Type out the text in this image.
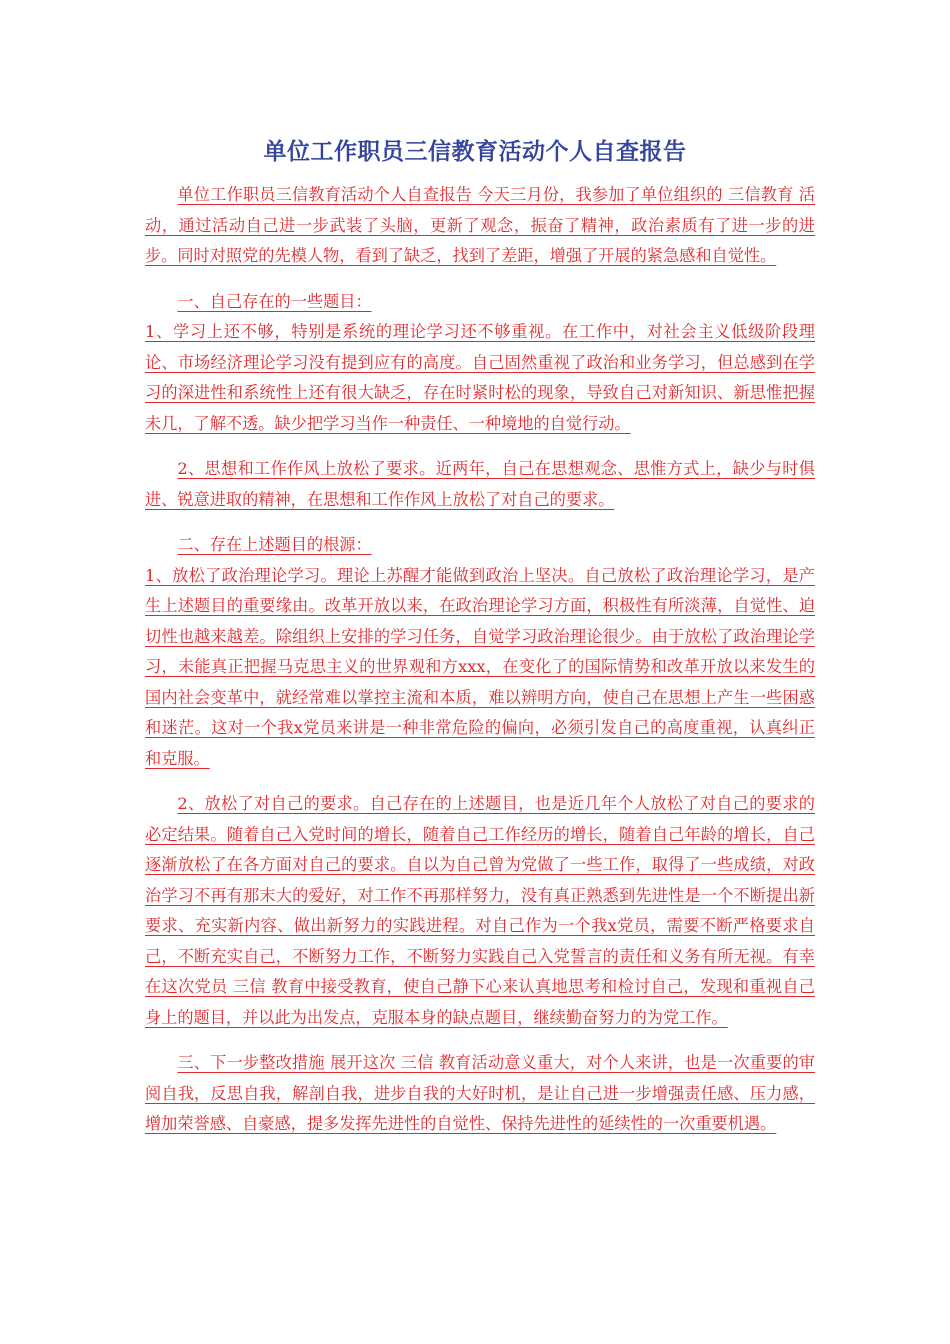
单位工作职员三信教育活动个人自查报告

单位工作职员三信教育活动个人自查报告 今天三月份，我参加了单位组织的 三信教育 活动，通过活动自己进一步武装了头脑，更新了观念，振奋了精神，政治素质有了进一步的进步。同时对照党的先模人物，看到了缺乏，找到了差距，增强了开展的紧急感和自觉性。

一、自己存在的一些题目：

1、学习上还不够，特别是系统的理论学习还不够重视。在工作中，对社会主义低级阶段理论、市场经济理论学习没有提到应有的高度。自己固然重视了政治和业务学习，但总感到在学习的深进性和系统性上还有很大缺乏，存在时紧时松的现象，导致自己对新知识、新思惟把握未几，了解不透。缺少把学习当作一种责任、一种境地的自觉行动。

2、思想和工作作风上放松了要求。近两年，自己在思想观念、思惟方式上，缺少与时俱进、锐意进取的精神，在思想和工作作风上放松了对自己的要求。

二、存在上述题目的根源：

1、放松了政治理论学习。理论上苏醒才能做到政治上坚决。自己放松了政治理论学习，是产生上述题目的重要缘由。改革开放以来，在政治理论学习方面，积极性有所淡薄，自觉性、迫切性也越来越差。除组织上安排的学习任务，自觉学习政治理论很少。由于放松了政治理论学习，未能真正把握马克思主义的世界观和方xxx，在变化了的国际情势和改革开放以来发生的国内社会变革中，就经常难以掌控主流和本质，难以辨明方向，使自己在思想上产生一些困惑和迷茫。这对一个我x党员来讲是一种非常危险的偏向，必须引发自己的高度重视，认真纠正和克服。

2、放松了对自己的要求。自己存在的上述题目，也是近几年个人放松了对自己的要求的必定结果。随着自己入党时间的增长，随着自己工作经历的增长，随着自己年龄的增长，自己逐渐放松了在各方面对自己的要求。自以为自己曾为党做了一些工作，取得了一些成绩，对政治学习不再有那末大的爱好，对工作不再那样努力，没有真正熟悉到先进性是一个不断提出新要求、充实新内容、做出新努力的实践进程。对自己作为一个我x党员，需要不断严格要求自己，不断充实自己，不断努力工作，不断努力实践自己入党誓言的责任和义务有所无视。有幸在这次党员 三信 教育中接受教育，使自己静下心来认真地思考和检讨自己，发现和重视自己身上的题目，并以此为出发点，克服本身的缺点题目，继续勤奋努力的为党工作。

三、下一步整改措施 展开这次 三信 教育活动意义重大，对个人来讲，也是一次重要的审阅自我，反思自我，解剖自我，进步自我的大好时机，是让自己进一步增强责任感、压力感，增加荣誉感、自豪感，提多发挥先进性的自觉性、保持先进性的延续性的一次重要机遇。
